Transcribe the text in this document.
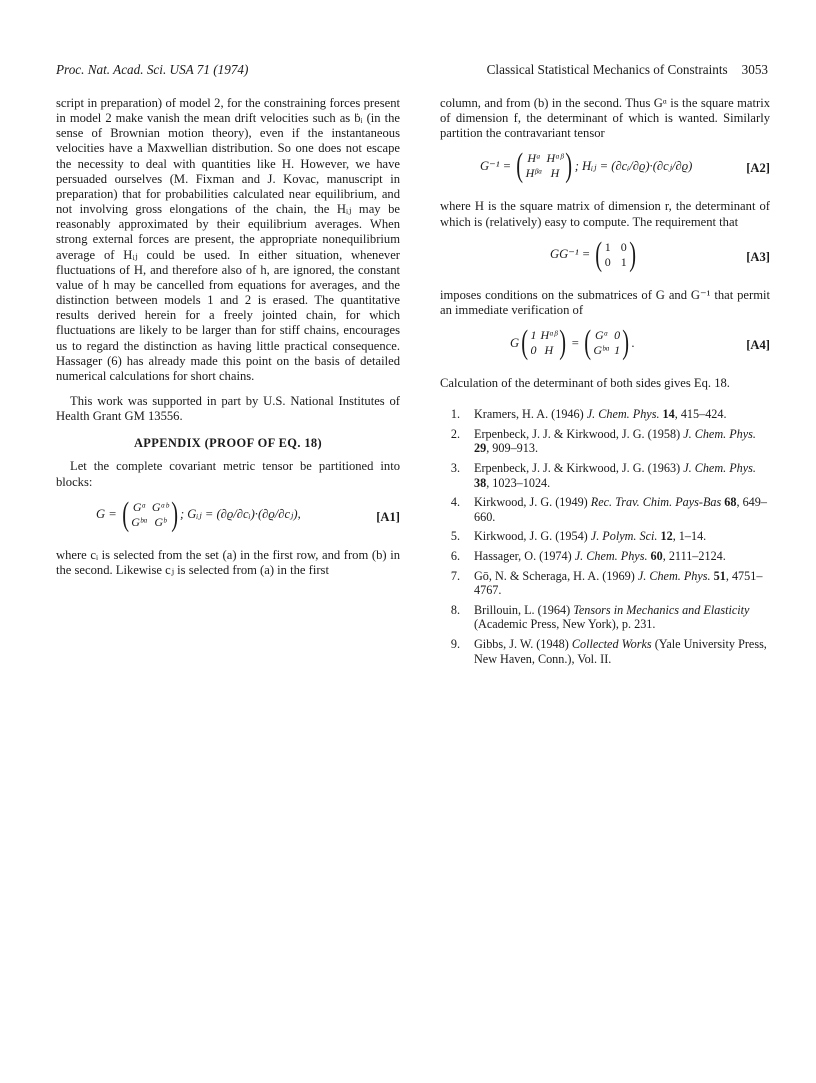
Proc. Nat. Acad. Sci. USA 71 (1974)	Classical Statistical Mechanics of Constraints 3053

script in preparation) of model 2, for the constraining forces present in model 2 make vanish the mean drift velocities such as ḃᵢ (in the sense of Brownian motion theory), even if the instantaneous velocities have a Maxwellian distribution. So one does not escape the necessity to deal with quantities like H. However, we have persuaded ourselves (M. Fixman and J. Kovac, manuscript in preparation) that for probabilities calculated near equilibrium, and not involving gross elongations of the chain, the Hᵢⱼ may be reasonably approximated by their equilibrium averages. When strong external forces are present, the appropriate nonequilibrium average of Hᵢⱼ could be used. In either situation, whenever fluctuations of H, and therefore also of h, are ignored, the constant value of h may be cancelled from equations for averages, and the distinction between models 1 and 2 is erased. The quantitative results derived herein for a freely jointed chain, for which fluctuations are likely to be larger than for stiff chains, encourages us to regard the distinction as having little practical consequence. Hassager (6) has already made this point on the basis of detailed numerical calculations for short chains.

This work was supported in part by U.S. National Institutes of Health Grant GM 13556.

APPENDIX (PROOF OF EQ. 18)

Let the complete covariant metric tensor be partitioned into blocks:

G =
( Gᵅ Gᵅᵇ
Gᵇᵅ Gᵇ ) ; Gᵢⱼ = (∂ϱ/∂cᵢ)·(∂ϱ/∂cⱼ),	[A1]

where cᵢ is selected from the set (a) in the first row, and from (b) in the second. Likewise cⱼ is selected from (a) in the first

column, and from (b) in the second. Thus Gᵅ is the square matrix of dimension f, the determinant of which is wanted. Similarly partition the contravariant tensor

G⁻¹ =
( Hᵃ Hᵅᵝ
Hᵝᵅ H ) ; Hᵢⱼ = (∂cᵢ/∂ϱ)·(∂cⱼ/∂ϱ)	[A2]

where H is the square matrix of dimension r, the determinant of which is (relatively) easy to compute. The requirement that

GG⁻¹ =
( 1 0
0 1 )	[A3]

imposes conditions on the submatrices of G and G⁻¹ that permit an immediate verification of

G ( 1 Hᵅᵝ
0 H )
=
( Gᵅ 0
Gᵇᵅ 1 ) .	[A4]

Calculation of the determinant of both sides gives Eq. 18.

1. Kramers, H. A. (1946) J. Chem. Phys. 14, 415–424.
2. Erpenbeck, J. J. & Kirkwood, J. G. (1958) J. Chem. Phys. 29, 909–913.
3. Erpenbeck, J. J. & Kirkwood, J. G. (1963) J. Chem. Phys. 38, 1023–1024.
4. Kirkwood, J. G. (1949) Rec. Trav. Chim. Pays-Bas 68, 649–660.
5. Kirkwood, J. G. (1954) J. Polym. Sci. 12, 1–14.
6. Hassager, O. (1974) J. Chem. Phys. 60, 2111–2124.
7. Gō, N. & Scheraga, H. A. (1969) J. Chem. Phys. 51, 4751–4767.
8. Brillouin, L. (1964) Tensors in Mechanics and Elasticity (Academic Press, New York), p. 231.
9. Gibbs, J. W. (1948) Collected Works (Yale University Press, New Haven, Conn.), Vol. II.
